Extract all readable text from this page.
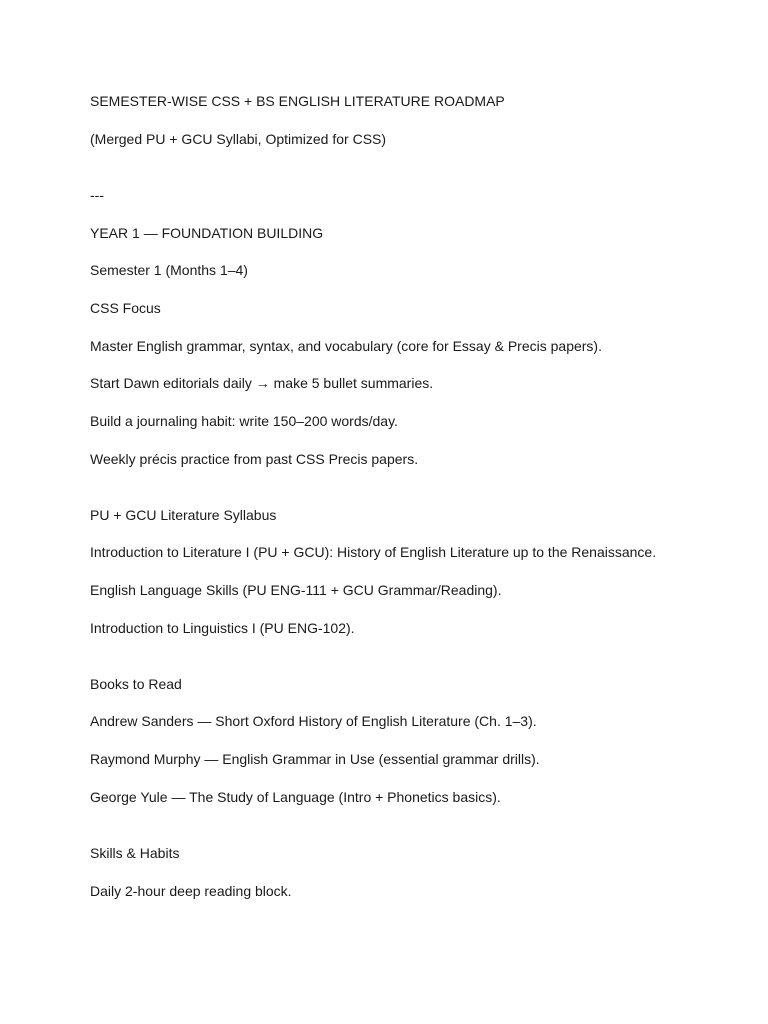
SEMESTER-WISE CSS + BS ENGLISH LITERATURE ROADMAP

(Merged PU + GCU Syllabi, Optimized for CSS)

---

YEAR 1 — FOUNDATION BUILDING

Semester 1 (Months 1–4)

CSS Focus

Master English grammar, syntax, and vocabulary (core for Essay & Precis papers).

Start Dawn editorials daily → make 5 bullet summaries.

Build a journaling habit: write 150–200 words/day.

Weekly précis practice from past CSS Precis papers.

PU + GCU Literature Syllabus

Introduction to Literature I (PU + GCU): History of English Literature up to the Renaissance.

English Language Skills (PU ENG-111 + GCU Grammar/Reading).

Introduction to Linguistics I (PU ENG-102).

Books to Read

Andrew Sanders — Short Oxford History of English Literature (Ch. 1–3).

Raymond Murphy — English Grammar in Use (essential grammar drills).

George Yule — The Study of Language (Intro + Phonetics basics).

Skills & Habits

Daily 2-hour deep reading block.
